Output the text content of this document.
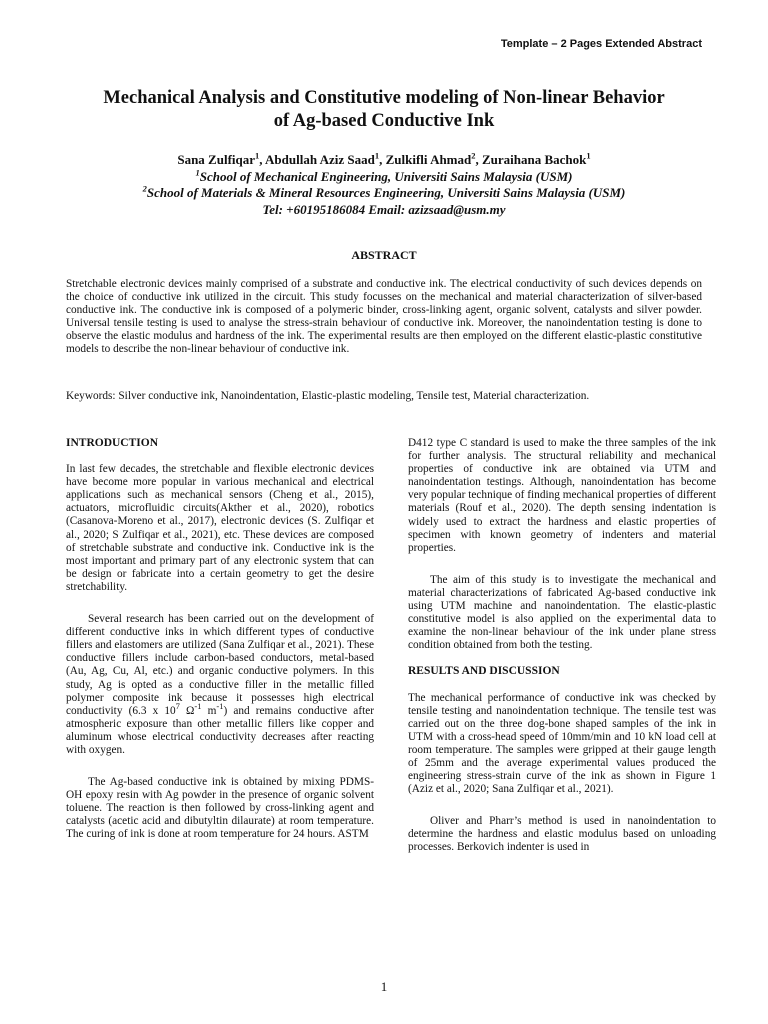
Template – 2 Pages Extended Abstract
Mechanical Analysis and Constitutive modeling of Non-linear Behavior
of Ag-based Conductive Ink
Sana Zulfiqar$^1$, Abdullah Aziz Saad$^1$, Zulkifli Ahmad$^2$, Zuraihana Bachok$^1$
$^1$School of Mechanical Engineering, Universiti Sains Malaysia (USM)
$^2$School of Materials & Mineral Resources Engineering, Universiti Sains Malaysia (USM)
Tel: +60195186084 Email: azizsaad@usm.my
ABSTRACT

Stretchable electronic devices mainly comprised of a substrate and conductive ink. The electrical conductivity of such devices depends on the choice of conductive ink utilized in the circuit. This study focusses on the mechanical and material characterization of silver-based conductive ink. The conductive ink is composed of a polymeric binder, cross-linking agent, organic solvent, catalysts and silver powder. Universal tensile testing is used to analyse the stress-strain behaviour of conductive ink. Moreover, the nanoindentation testing is done to observe the elastic modulus and hardness of the ink. The experimental results are then employed on the different elastic-plastic constitutive models to describe the non-linear behaviour of conductive ink.

Keywords: Silver conductive ink, Nanoindentation, Elastic-plastic modeling, Tensile test, Material characterization.

INTRODUCTION

In last few decades, the stretchable and flexible electronic devices have become more popular in various mechanical and electrical applications such as mechanical sensors (Cheng et al., 2015), actuators, microfluidic circuits(Akther et al., 2020), robotics (Casanova-Moreno et al., 2017), electronic devices (S. Zulfiqar et al., 2020; S Zulfiqar et al., 2021), etc. These devices are composed of stretchable substrate and conductive ink. Conductive ink is the most important and primary part of any electronic system that can be design or fabricate into a certain geometry to get the desire stretchability.

Several research has been carried out on the development of different conductive inks in which different types of conductive fillers and elastomers are utilized (Sana Zulfiqar et al., 2021). These conductive fillers include carbon-based conductors, metal-based (Au, Ag, Cu, Al, etc.) and organic conductive polymers. In this study, Ag is opted as a conductive filler in the metallic filled polymer composite ink because it possesses high electrical conductivity (6.3 x $10^7$ $\Omega^{-1}$ $m^{-1}$) and remains conductive after atmospheric exposure than other metallic fillers like copper and aluminum whose electrical conductivity decreases after reacting with oxygen.

The Ag-based conductive ink is obtained by mixing PDMS-OH epoxy resin with Ag powder in the presence of organic solvent toluene. The reaction is then followed by cross-linking agent and catalysts (acetic acid and dibutyltin dilaurate) at room temperature. The curing of ink is done at room temperature for 24 hours. ASTM

D412 type C standard is used to make the three samples of the ink for further analysis. The structural reliability and mechanical properties of conductive ink are obtained via UTM and nanoindentation testings. Although, nanoindentation has become very popular technique of finding mechanical properties of different materials (Rouf et al., 2020). The depth sensing indentation is widely used to extract the hardness and elastic properties of specimen with known geometry of indenters and material properties.

The aim of this study is to investigate the mechanical and material characterizations of fabricated Ag-based conductive ink using UTM machine and nanoindentation. The elastic-plastic constitutive model is also applied on the experimental data to examine the non-linear behaviour of the ink under plane stress condition obtained from both the testing.

RESULTS AND DISCUSSION

The mechanical performance of conductive ink was checked by tensile testing and nanoindentation technique. The tensile test was carried out on the three dog-bone shaped samples of the ink in UTM with a cross-head speed of 10mm/min and 10 kN load cell at room temperature. The samples were gripped at their gauge length of 25mm and the average experimental values produced the engineering stress-strain curve of the ink as shown in Figure 1 (Aziz et al., 2020; Sana Zulfiqar et al., 2021).

Oliver and Pharr’s method is used in nanoindentation to determine the hardness and elastic modulus based on unloading processes. Berkovich indenter is used in

1
